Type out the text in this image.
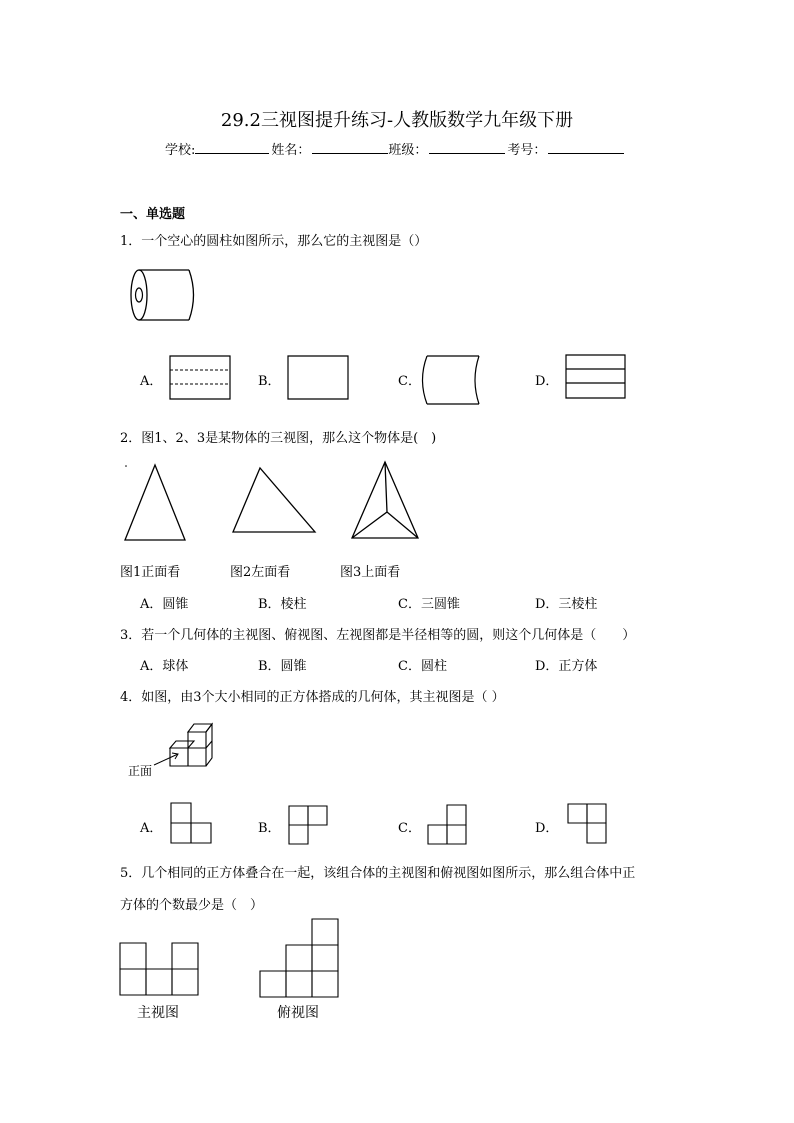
29.2三视图提升练习-人教版数学九年级下册
学校:	姓名：	班级：	考号：
一、单选题
1．一个空心的圆柱如图所示，那么它的主视图是（）
A．	B．	C．	D．
2．图1、2、3是某物体的三视图，那么这个物体是(　)
图1正面看	图2左面看	图3上面看
A．圆锥	B．棱柱	C．三圆锥	D．三棱柱
3．若一个几何体的主视图、俯视图、左视图都是半径相等的圆，则这个几何体是（　　）
A．球体	B．圆锥	C．圆柱	D．正方体
4．如图，由3个大小相同的正方体搭成的几何体，其主视图是（ ）
正面
A．	B．	C．	D．
5．几个相同的正方体叠合在一起，该组合体的主视图和俯视图如图所示，那么组合体中正
方体的个数最少是（　）
主视图	俯视图
